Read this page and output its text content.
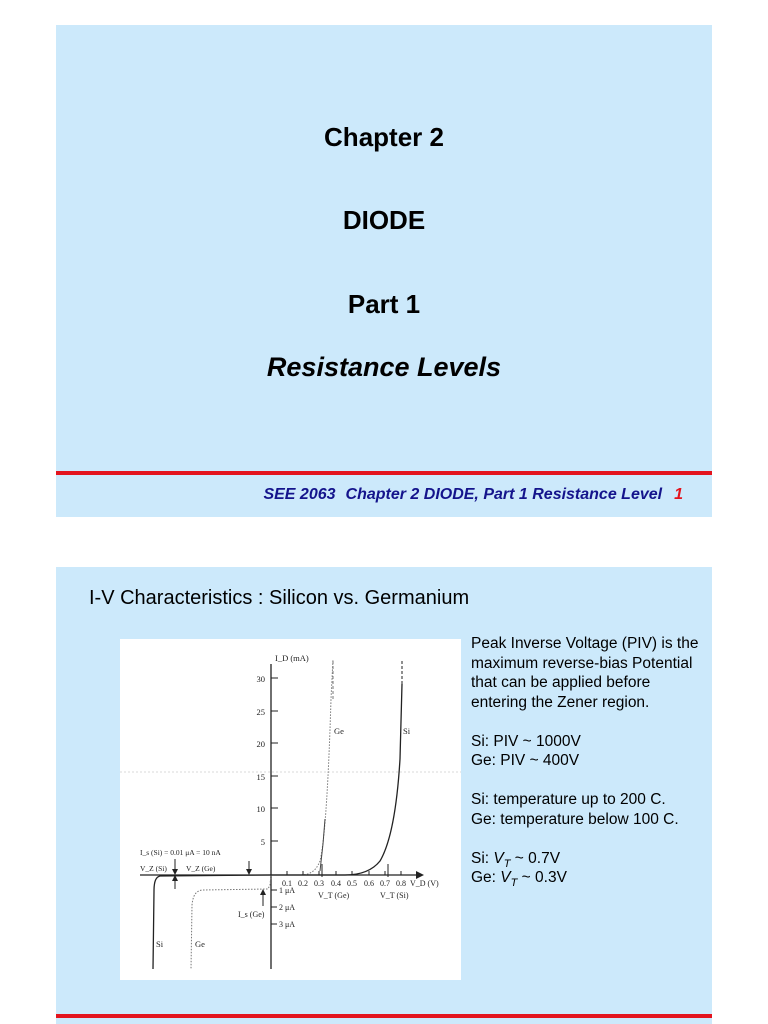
Chapter 2
DIODE
Part 1
Resistance Levels
SEE 2063 Chapter 2 DIODE, Part 1 Resistance Level 1
I-V Characteristics : Silicon vs. Germanium
5
10
15
20
25
30
I_D (mA)
0.1 0.2 0.3 0.4 0.5 0.6 0.7 0.8 V_D (V)
1 μA
2 μA
3 μA
V_T (Ge)	V_T (Si)
I_s (Si) = 0.01 μA = 10 nA
V_Z (Si)	V_Z (Ge)
I_s (Ge)
Ge	Si
Si	Ge

Peak Inverse Voltage (PIV) is the maximum reverse-bias Potential that can be applied before entering the Zener region.

Si: PIV ~ 1000V
Ge: PIV ~ 400V

Si: temperature up to 200 C.
Ge: temperature below 100 C.

Si: $V_T$ ~ 0.7V
Ge: $V_T$ ~ 0.3V
